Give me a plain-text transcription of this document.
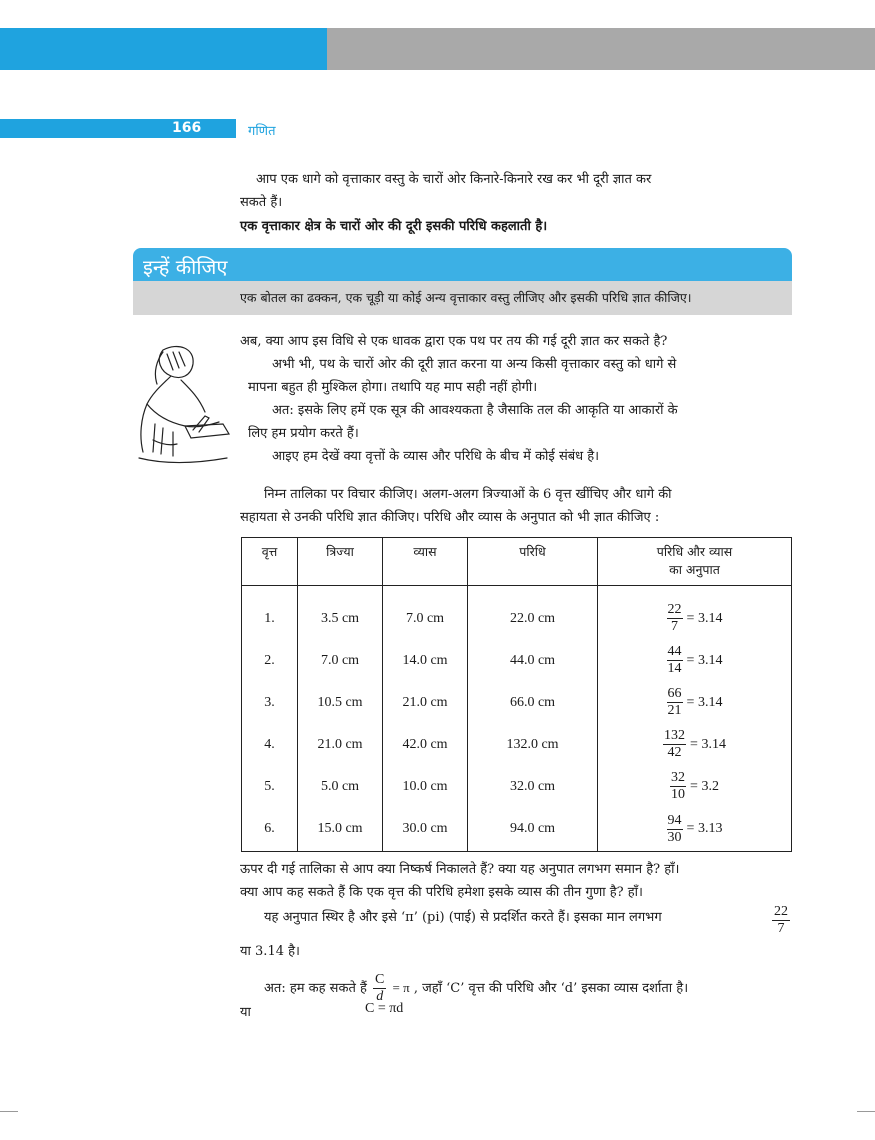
166	गणित
आप एक धागे को वृत्ताकार वस्तु के चारों ओर किनारे-किनारे रख कर भी दूरी ज्ञात कर
सकते हैं।
एक वृत्ताकार क्षेत्र के चारों ओर की दूरी इसकी परिधि कहलाती है।
इन्हें कीजिए
एक बोतल का ढक्कन, एक चूड़ी या कोई अन्य वृत्ताकार वस्तु लीजिए और इसकी परिधि ज्ञात कीजिए।
अब, क्या आप इस विधि से एक धावक द्वारा एक पथ पर तय की गई दूरी ज्ञात कर सकते है?
अभी भी, पथ के चारों ओर की दूरी ज्ञात करना या अन्य किसी वृत्ताकार वस्तु को धागे से
मापना बहुत ही मुश्किल होगा। तथापि यह माप सही नहीं होगी।
अत: इसके लिए हमें एक सूत्र की आवश्यकता है जैसाकि तल की आकृति या आकारों के
लिए हम प्रयोग करते हैं।
आइए हम देखें क्या वृत्तों के व्यास और परिधि के बीच में कोई संबंध है।
निम्न तालिका पर विचार कीजिए। अलग-अलग त्रिज्याओं के 6 वृत्त खींचिए और धागे की
सहायता से उनकी परिधि ज्ञात कीजिए। परिधि और व्यास के अनुपात को भी ज्ञात कीजिए :
वृत्त	त्रिज्या	व्यास	परिधि	परिधि और व्यास
का अनुपात

1.	3.5 cm	7.0 cm	22.0 cm	$\frac{22}{7} = 3.14$

2.	7.0 cm	14.0 cm	44.0 cm	$\frac{44}{14} = 3.14$

3.	10.5 cm	21.0 cm	66.0 cm	$\frac{66}{21} = 3.14$

4.	21.0 cm	42.0 cm	132.0 cm	$\frac{132}{42} = 3.14$

5.	5.0 cm	10.0 cm	32.0 cm	$\frac{32}{10} = 3.2$

6.	15.0 cm	30.0 cm	94.0 cm	$\frac{94}{30} = 3.13$
ऊपर दी गई तालिका से आप क्या निष्कर्ष निकालते हैं? क्या यह अनुपात लगभग समान है? हाँ।
क्या आप कह सकते हैं कि एक वृत्त की परिधि हमेशा इसके व्यास की तीन गुणा है? हाँ।
यह अनुपात स्थिर है और इसे ‘π’ (pi) (पाई) से प्रदर्शित करते हैं। इसका मान लगभग	$\frac{22}{7}$
या 3.14 है।
अत: हम कह सकते हैं $\frac{C}{d} = \pi$ , जहाँ ‘C’ वृत्त की परिधि और ‘d’ इसका व्यास दर्शाता है।
या	C = πd
